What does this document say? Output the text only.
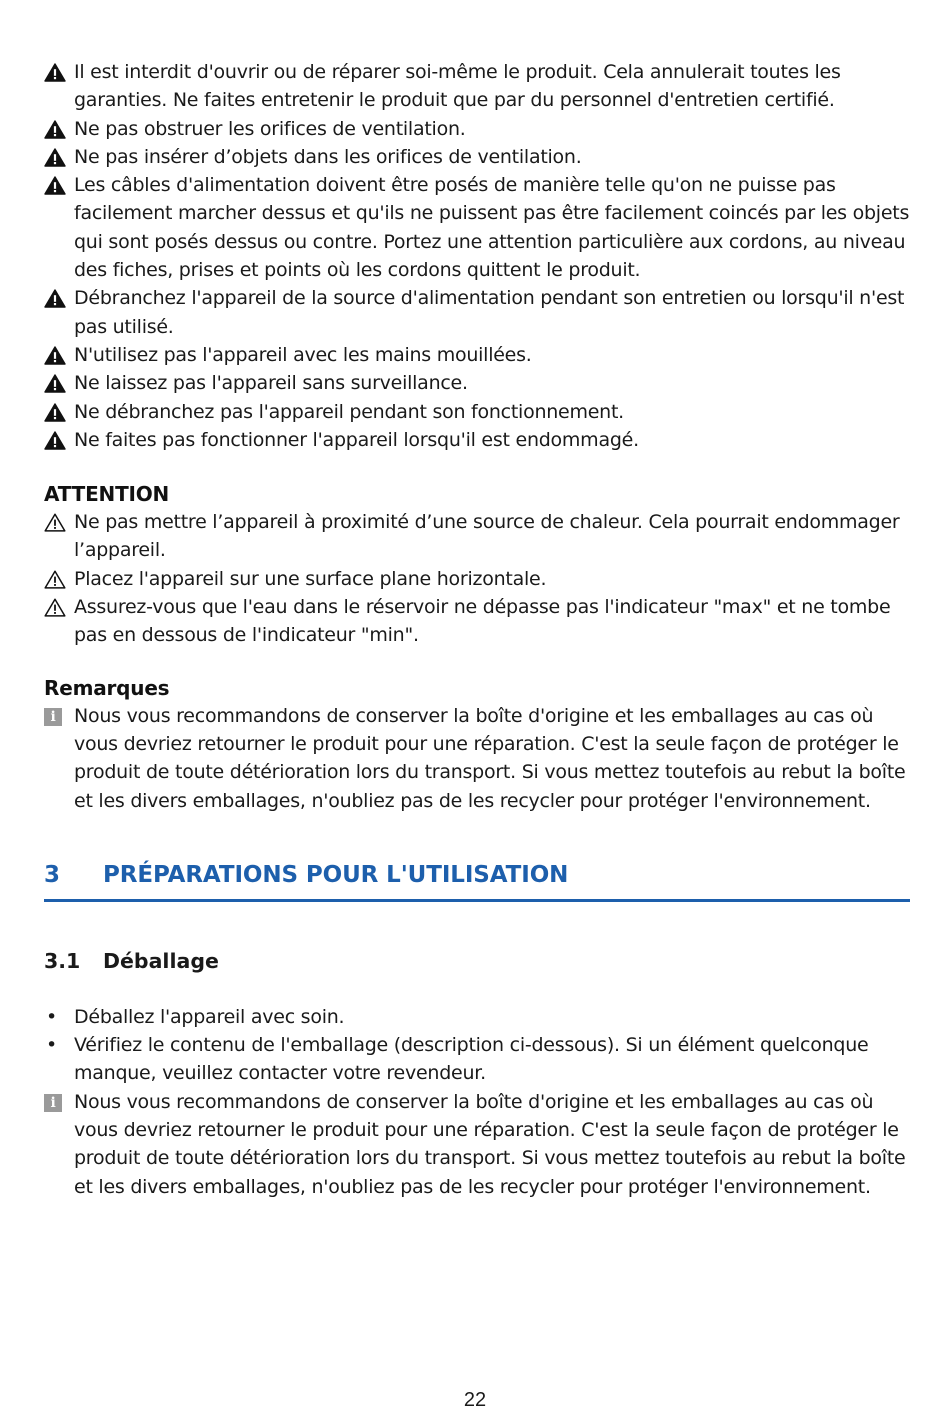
Il est interdit d'ouvrir ou de réparer soi-même le produit. Cela annulerait toutes les garanties. Ne faites entretenir le produit que par du personnel d'entretien certifié.
Ne pas obstruer les orifices de ventilation.
Ne pas insérer d’objets dans les orifices de ventilation.
Les câbles d'alimentation doivent être posés de manière telle qu'on ne puisse pas facilement marcher dessus et qu'ils ne puissent pas être facilement coincés par les objets qui sont posés dessus ou contre. Portez une attention particulière aux cordons, au niveau des fiches, prises et points où les cordons quittent le produit.
Débranchez l'appareil de la source d'alimentation pendant son entretien ou lorsqu'il n'est pas utilisé.
N'utilisez pas l'appareil avec les mains mouillées.
Ne laissez pas l'appareil sans surveillance.
Ne débranchez pas l'appareil pendant son fonctionnement.
Ne faites pas fonctionner l'appareil lorsqu'il est endommagé.
ATTENTION
Ne pas mettre l’appareil à proximité d’une source de chaleur. Cela pourrait endommager l’appareil.
Placez l'appareil sur une surface plane horizontale.
Assurez-vous que l'eau dans le réservoir ne dépasse pas l'indicateur "max" et ne tombe pas en dessous de l'indicateur "min".
Remarques
i Nous vous recommandons de conserver la boîte d'origine et les emballages au cas où vous devriez retourner le produit pour une réparation. C'est la seule façon de protéger le produit de toute détérioration lors du transport. Si vous mettez toutefois au rebut la boîte et les divers emballages, n'oubliez pas de les recycler pour protéger l'environnement.
3	PRÉPARATIONS POUR L'UTILISATION
3.1	Déballage
• Déballez l'appareil avec soin.
• Vérifiez le contenu de l'emballage (description ci-dessous). Si un élément quelconque manque, veuillez contacter votre revendeur.
i Nous vous recommandons de conserver la boîte d'origine et les emballages au cas où vous devriez retourner le produit pour une réparation. C'est la seule façon de protéger le produit de toute détérioration lors du transport. Si vous mettez toutefois au rebut la boîte et les divers emballages, n'oubliez pas de les recycler pour protéger l'environnement.
22
